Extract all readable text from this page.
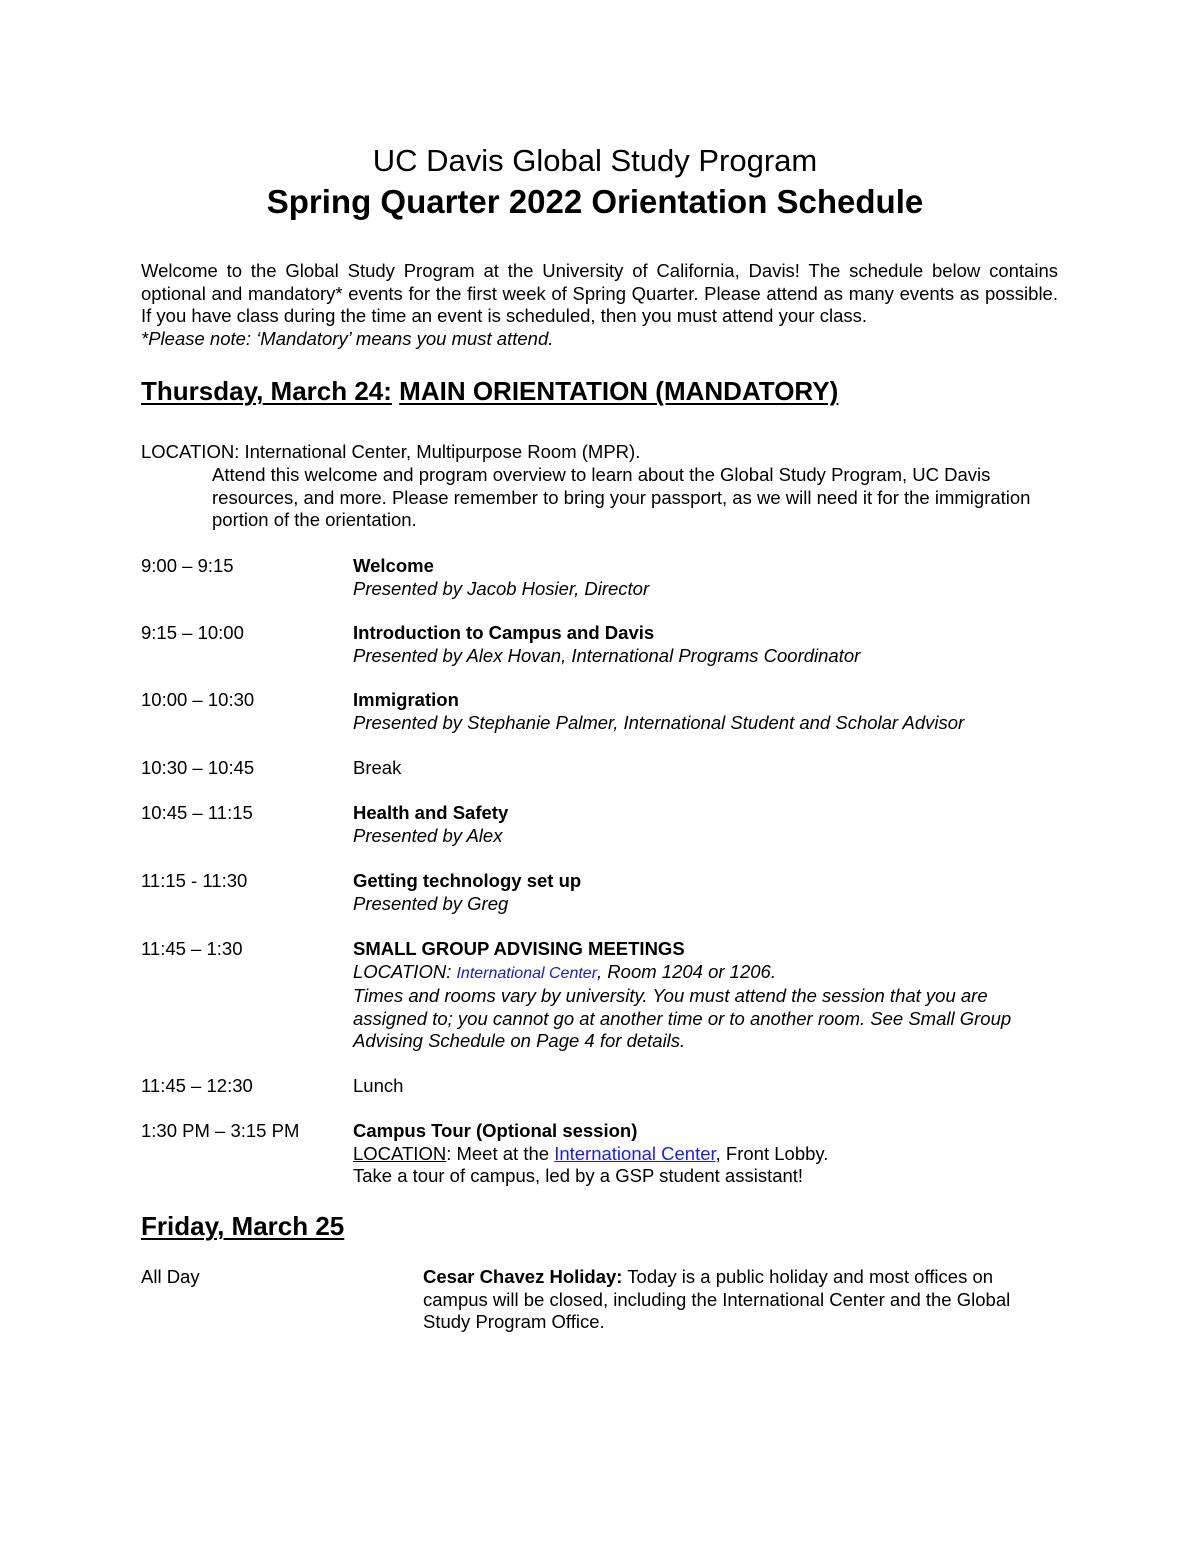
UC Davis Global Study Program
Spring Quarter 2022 Orientation Schedule

Welcome to the Global Study Program at the University of California, Davis! The schedule below contains optional and mandatory* events for the first week of Spring Quarter. Please attend as many events as possible. If you have class during the time an event is scheduled, then you must attend your class.

*Please note: ‘Mandatory’ means you must attend.

Thursday, March 24: MAIN ORIENTATION (MANDATORY)
LOCATION: International Center, Multipurpose Room (MPR).
Attend this welcome and program overview to learn about the Global Study Program, UC Davis resources, and more. Please remember to bring your passport, as we will need it for the immigration portion of the orientation.
9:00 – 9:15	Welcome
Presented by Jacob Hosier, Director
9:15 – 10:00	Introduction to Campus and Davis
Presented by Alex Hovan, International Programs Coordinator
10:00 – 10:30	Immigration
Presented by Stephanie Palmer, International Student and Scholar Advisor
10:30 – 10:45	Break
10:45 – 11:15	Health and Safety
Presented by Alex
11:15 - 11:30	Getting technology set up
Presented by Greg
11:45 – 1:30	SMALL GROUP ADVISING MEETINGS
LOCATION: International Center, Room 1204 or 1206.
Times and rooms vary by university. You must attend the session that you are assigned to; you cannot go at another time or to another room. See Small Group Advising Schedule on Page 4 for details.
11:45 – 12:30	Lunch
1:30 PM – 3:15 PM	Campus Tour (Optional session)
LOCATION: Meet at the International Center, Front Lobby.
Take a tour of campus, led by a GSP student assistant!
Friday, March 25
All Day	Cesar Chavez Holiday: Today is a public holiday and most offices on campus will be closed, including the International Center and the Global Study Program Office.
